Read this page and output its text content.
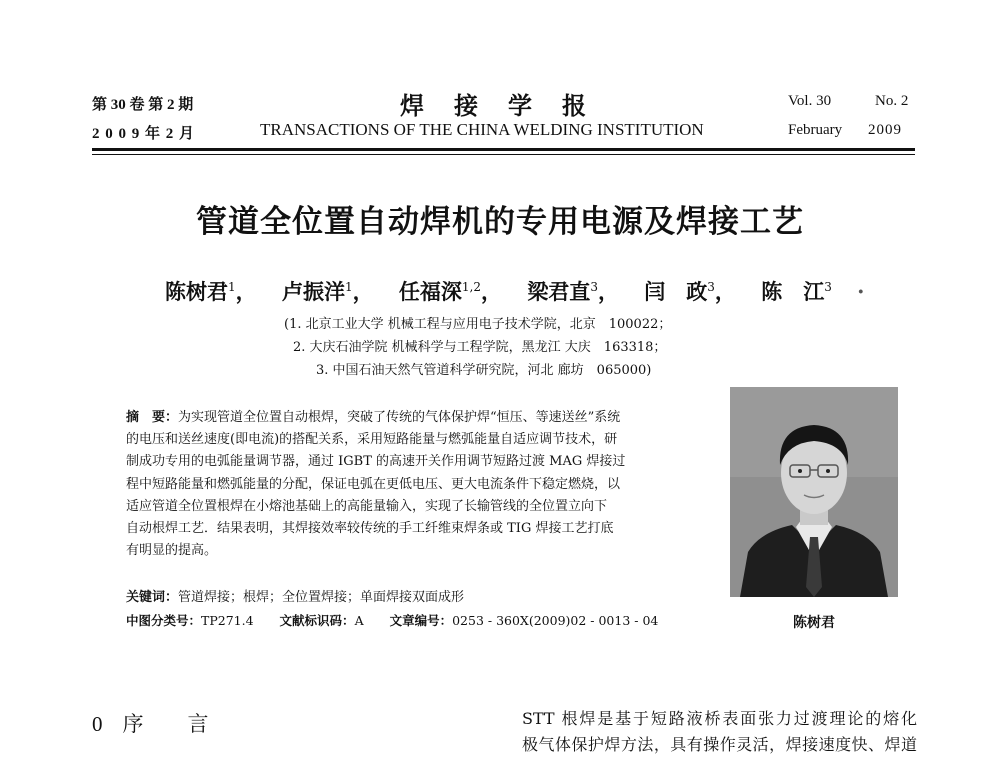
第 30 卷 第 2 期
2 0 0 9 年 2 月
焊接学报
TRANSACTIONS OF THE CHINA WELDING INSTITUTION
Vol. 30	No. 2
February 2009
管道全位置自动焊机的专用电源及焊接工艺
陈树君$^1$， 卢振洋$^1$， 任福深$^{1,2}$， 梁君直$^3$， 闫　政$^3$， 陈　江$^3$ ·
(1. 北京工业大学 机械工程与应用电子技术学院，北京　100022；
2. 大庆石油学院 机械科学与工程学院，黑龙江 大庆　163318；
3. 中国石油天然气管道科学研究院，河北 廊坊　065000)
摘　要：为实现管道全位置自动根焊，突破了传统的气体保护焊“恒压、等速送丝”系统
的电压和送丝速度(即电流)的搭配关系，采用短路能量与燃弧能量自适应调节技术，研
制成功专用的电弧能量调节器，通过 IGBT 的高速开关作用调节短路过渡 MAG 焊接过
程中短路能量和燃弧能量的分配，保证电弧在更低电压、更大电流条件下稳定燃烧，以
适应管道全位置根焊在小熔池基础上的高能量输入，实现了长输管线的全位置立向下
自动根焊工艺．结果表明，其焊接效率较传统的手工纤维束焊条或 TIG 焊接工艺打底
有明显的提高。
关键词：管道焊接；根焊；全位置焊接；单面焊接双面成形
中图分类号：TP271.4 文献标识码：A 文章编号：0253 - 360X(2009)02 - 0013 - 04	陈树君
0 序 言	STT 根焊是基于短路液桥表面张力过渡理论的熔化
极气体保护焊方法，具有操作灵活，焊接速度快、焊道
